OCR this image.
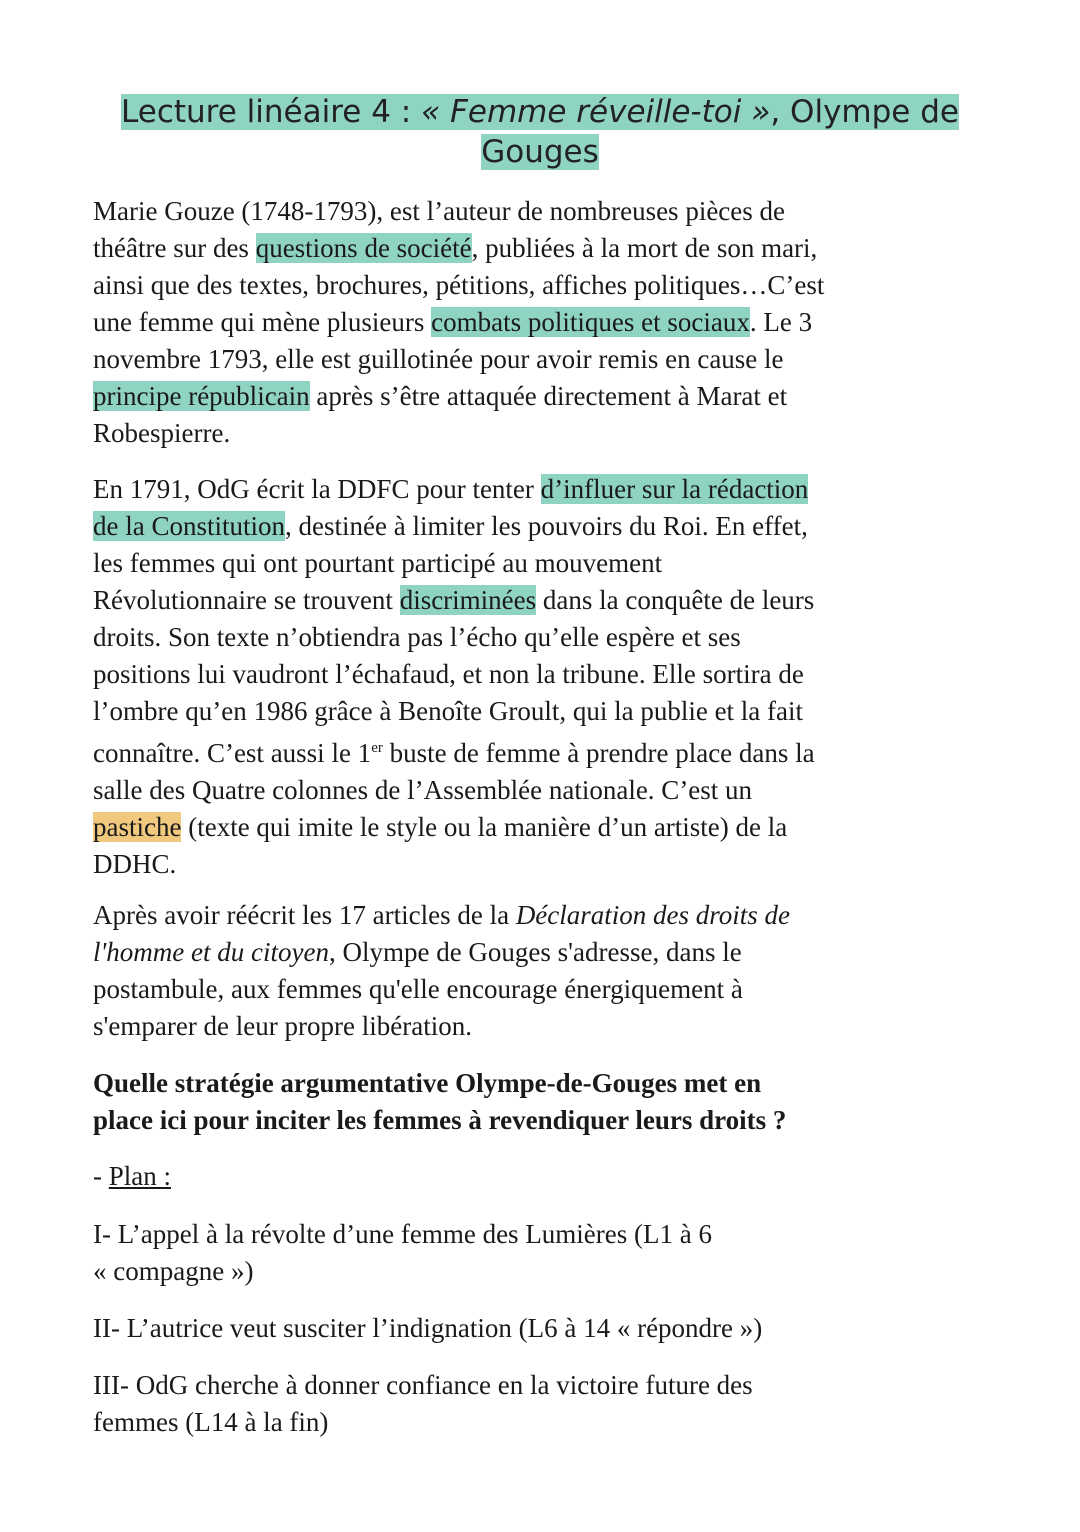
Lecture linéaire 4 : « Femme réveille-toi », Olympe de
Gouges
Marie Gouze (1748-1793), est l’auteur de nombreuses pièces de
théâtre sur des questions de société, publiées à la mort de son mari,
ainsi que des textes, brochures, pétitions, affiches politiques…C’est
une femme qui mène plusieurs combats politiques et sociaux. Le 3
novembre 1793, elle est guillotinée pour avoir remis en cause le
principe républicain après s’être attaquée directement à Marat et
Robespierre.
En 1791, OdG écrit la DDFC pour tenter d’influer sur la rédaction
de la Constitution, destinée à limiter les pouvoirs du Roi. En effet,
les femmes qui ont pourtant participé au mouvement
Révolutionnaire se trouvent discriminées dans la conquête de leurs
droits. Son texte n’obtiendra pas l’écho qu’elle espère et ses
positions lui vaudront l’échafaud, et non la tribune. Elle sortira de
l’ombre qu’en 1986 grâce à Benoîte Groult, qui la publie et la fait
connaître. C’est aussi le 1er buste de femme à prendre place dans la
salle des Quatre colonnes de l’Assemblée nationale. C’est un
pastiche (texte qui imite le style ou la manière d’un artiste) de la
DDHC.
Après avoir réécrit les 17 articles de la Déclaration des droits de
l'homme et du citoyen, Olympe de Gouges s'adresse, dans le
postambule, aux femmes qu'elle encourage énergiquement à
s'emparer de leur propre libération.
Quelle stratégie argumentative Olympe-de-Gouges met en
place ici pour inciter les femmes à revendiquer leurs droits ?
- Plan :
I- L’appel à la révolte d’une femme des Lumières (L1 à 6
« compagne »)
II- L’autrice veut susciter l’indignation (L6 à 14 « répondre »)
III- OdG cherche à donner confiance en la victoire future des
femmes (L14 à la fin)
